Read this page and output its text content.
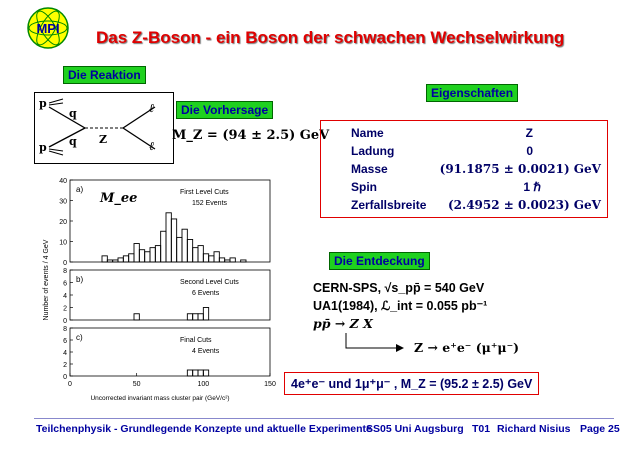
MPI Das Z-Boson - ein Boson der schwachen Wechselwirkung
Die Reaktion
p
p
q
q Z
ℓ
ℓ
Die Vorhersage
M_Z = (94 ± 2.5) GeV
Eigenschaften
Name	Z
Ladung	0
Masse	(91.1875 ± 0.0021) GeV
Spin	1 ℏ
Zerfallsbreite (2.4952 ± 0.0023) GeV
0
10
20
30
40
a)	First Level Cuts
152 Events
0
2
4
6
8
b)	Second Level Cuts
6 Events
0
2
4
6
8
c)	Final Cuts
4 Events
0	50	100	150
Uncorrected invariant mass cluster pair (GeV/c²)
Number of events / 4 GeV
M_ee
Die Entdeckung
CERN-SPS, √s_pp̄ = 540 GeV
UA1(1984), ℒ_int = 0.055 pb⁻¹
pp̄ → Z X
Z → e⁺e⁻ (μ⁺μ⁻)
4e⁺e⁻ und 1μ⁺μ⁻ , M_Z = (95.2 ± 2.5) GeV
Teilchenphysik - Grundlegende Konzepte und aktuelle Experimente
SS05 Uni Augsburg T01 Richard Nisius Page 25
